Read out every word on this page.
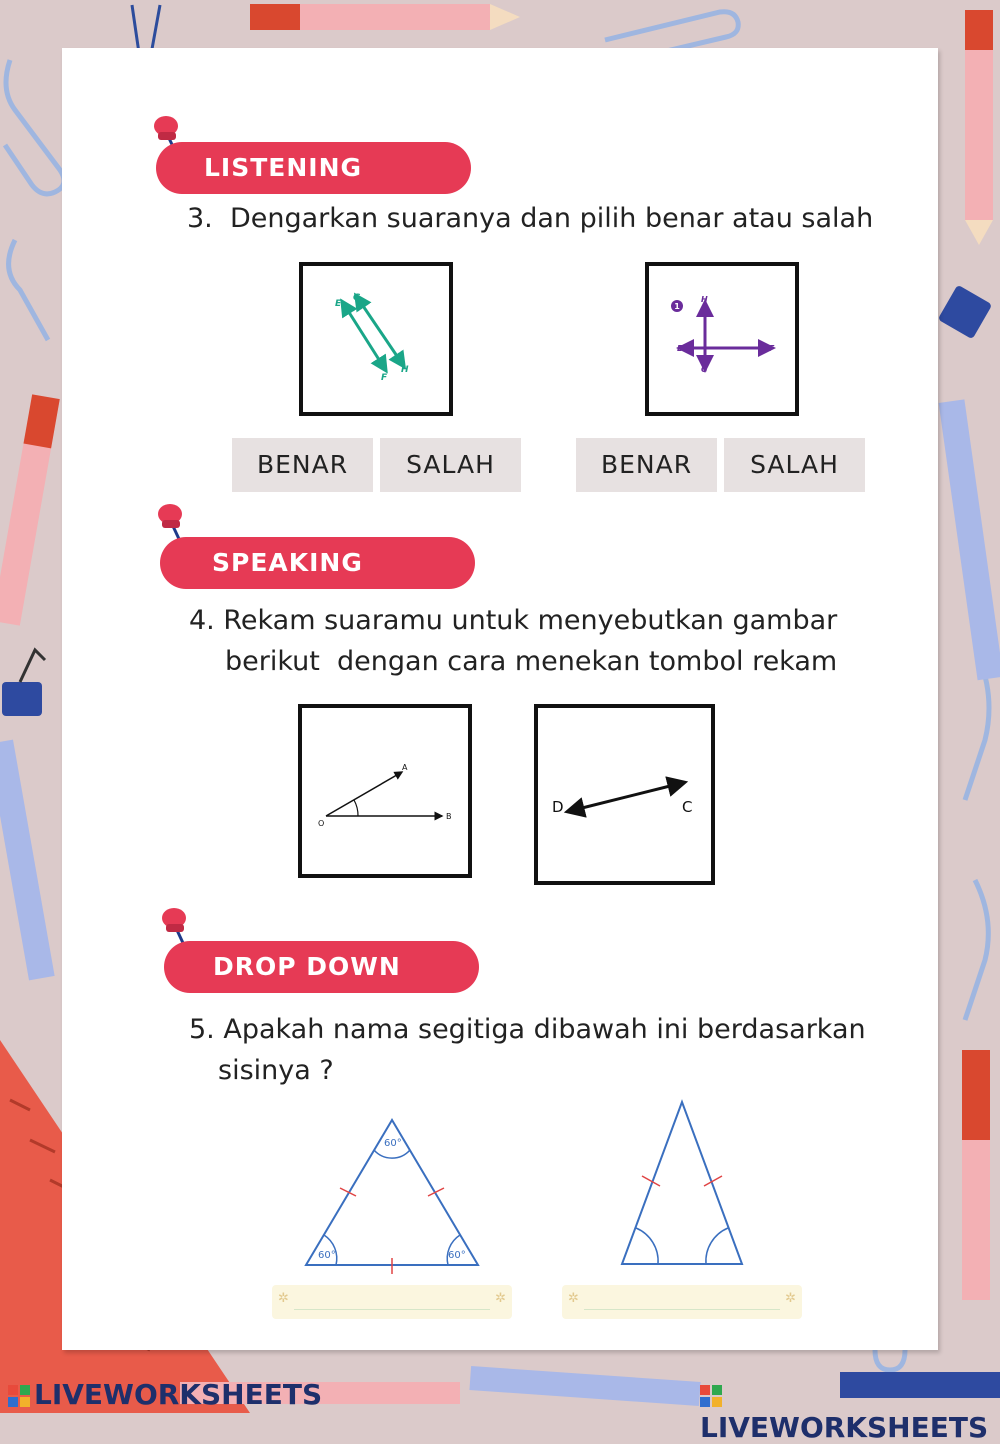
LISTENING
3. Dengarkan suaranya dan pilih benar atau salah
E
G
F
H
1
H
E	F
G
BENAR	SALAH	BENAR	SALAH
SPEAKING
4. Rekam suaramu untuk menyebutkan gambar
berikut  dengan cara menekan tombol rekam
A
O
B
D	C
DROP DOWN
5. Apakah nama segitiga dibawah ini berdasarkan
sisinya ?
60°
60°	60°
✲	✲	✲	✲
LIVEWORKSHEETS
LIVEWORKSHEETS
